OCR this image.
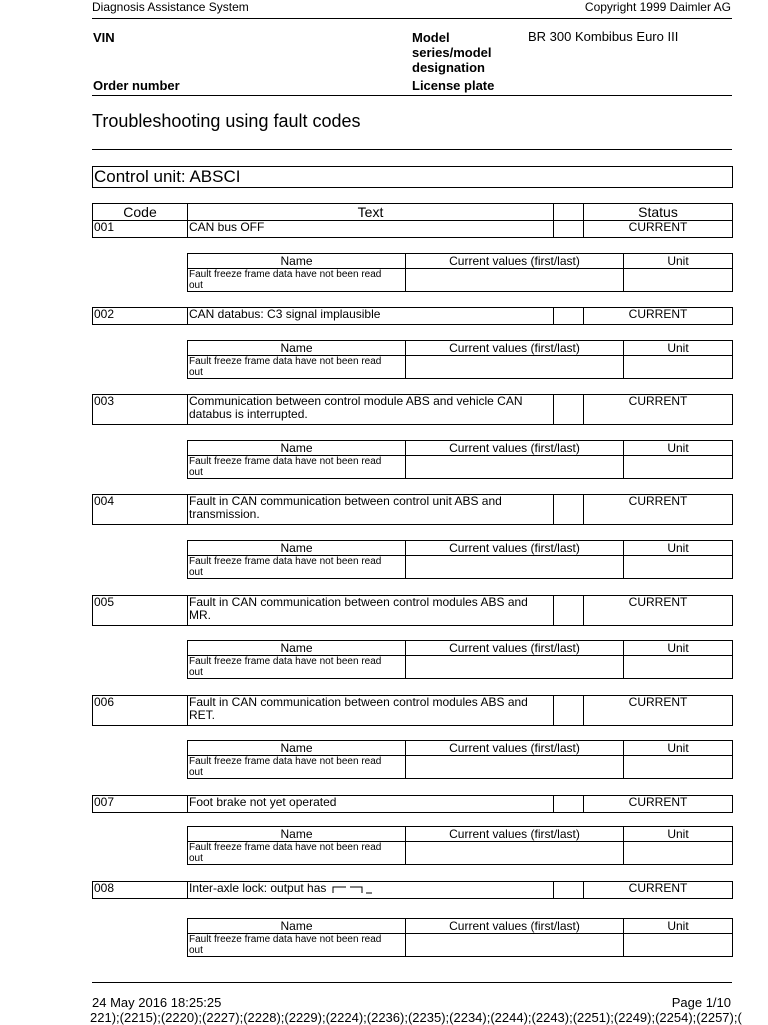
Diagnosis Assistance System	Copyright 1999 Daimler AG
VIN	Model
series/model
designation
BR 300 Kombibus Euro III
Order number	License plate
Troubleshooting using fault codes
Control unit: ABSCI
Code	Text		Status
001	CAN bus OFF		CURRENT
Name	Current values (first/last)	Unit

Fault freeze frame data have not been read
out		

002	CAN databus: C3 signal implausible		CURRENT
Name	Current values (first/last)	Unit

Fault freeze frame data have not been read
out		

003	Communication between control module ABS and vehicle CAN databus is interrupted.		CURRENT
Name	Current values (first/last)	Unit

Fault freeze frame data have not been read
out		

004	Fault in CAN communication between control unit ABS and transmission.		CURRENT
Name	Current values (first/last)	Unit

Fault freeze frame data have not been read
out		

005	Fault in CAN communication between control modules ABS and MR.		CURRENT
Name	Current values (first/last)	Unit

Fault freeze frame data have not been read
out		

006	Fault in CAN communication between control modules ABS and RET.		CURRENT
Name	Current values (first/last)	Unit

Fault freeze frame data have not been read
out		

007	Foot brake not yet operated		CURRENT
Name	Current values (first/last)	Unit

Fault freeze frame data have not been read
out		

008	Inter-axle lock: output has		CURRENT
Name	Current values (first/last)	Unit

Fault freeze frame data have not been read
out		

24 May 2016 18:25:25	Page 1/10
221);(2215);(2220);(2227);(2228);(2229);(2224);(2236);(2235);(2234);(2244);(2243);(2251);(2249);(2254);(2257);(
